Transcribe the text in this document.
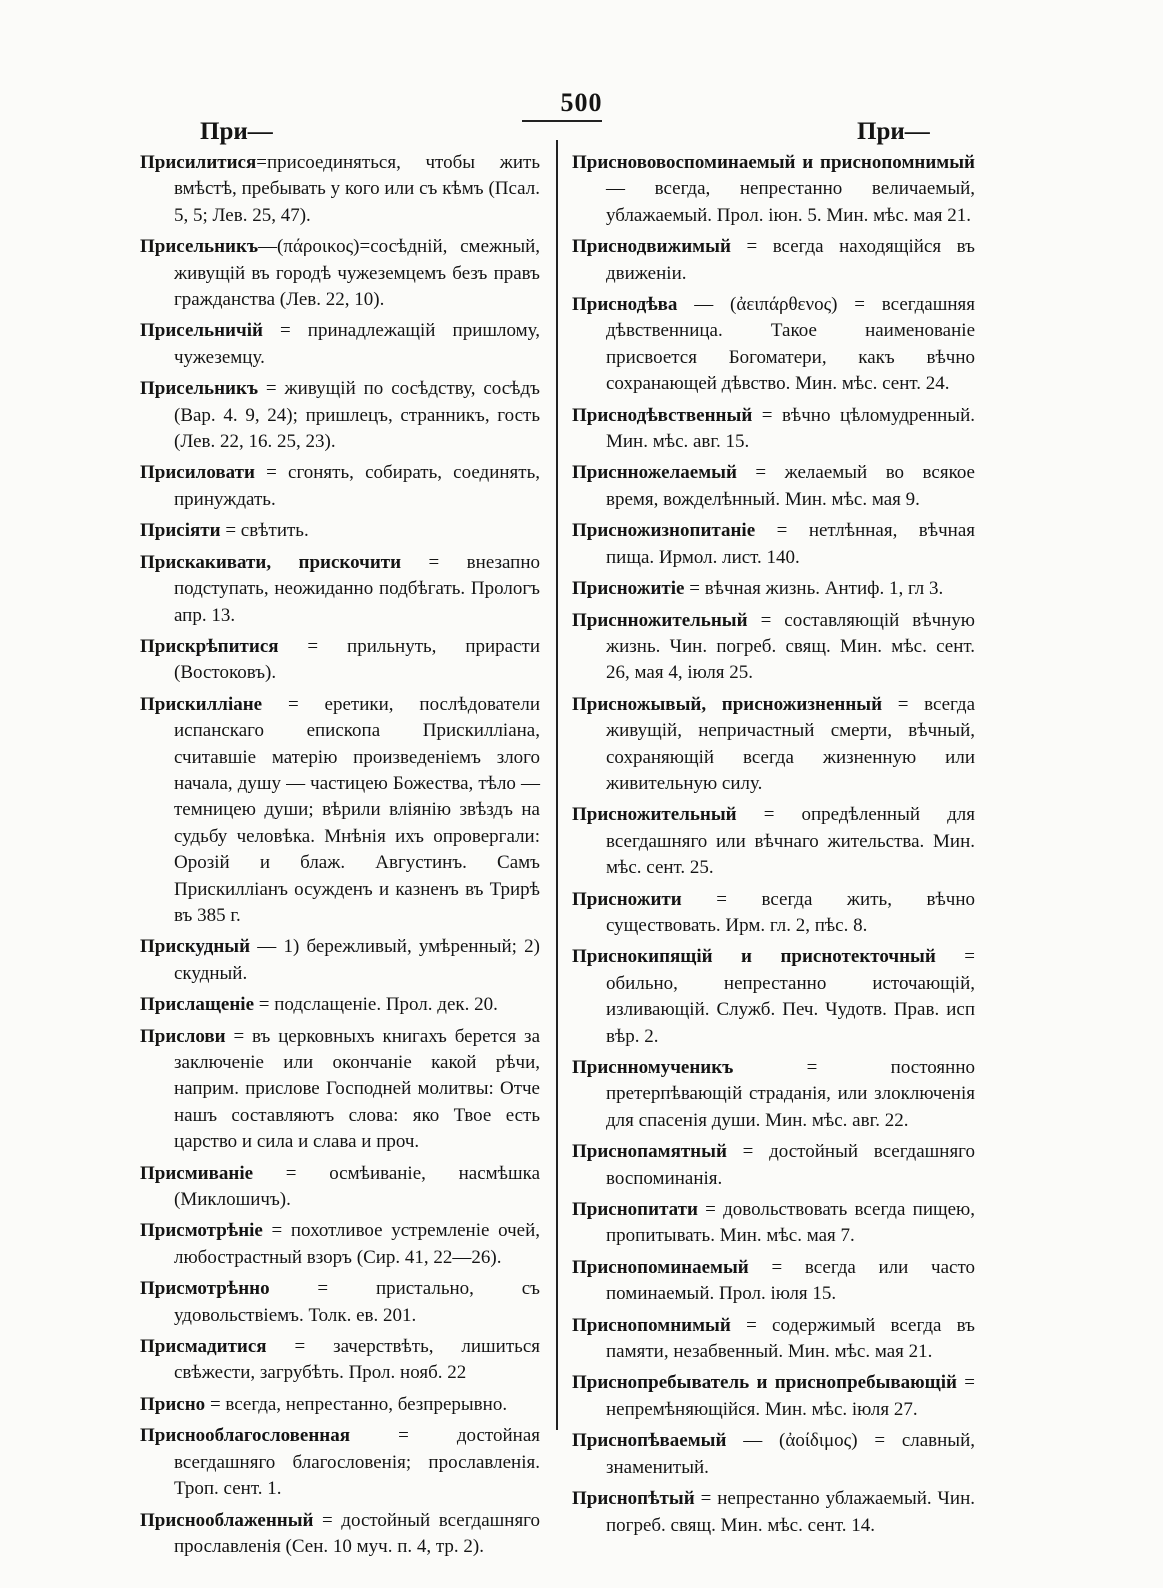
500
При—	При—

Присилитися=присоединяться, чтобы жить вмѣстѣ, пребывать у кого или съ кѣмъ (Псал. 5, 5; Лев. 25, 47).

Присельникъ—(πάροικος)=сосѣдній, смежный, живущій въ городѣ чужеземцемъ безъ правъ гражданства (Лев. 22, 10).

Присельничій = принадлежащій пришлому, чужеземцу.

Присельникъ = живущій по сосѣдству, сосѣдъ (Вар. 4. 9, 24); пришлецъ, странникъ, гость (Лев. 22, 16. 25, 23).

Присиловати = сгонять, собирать, соединять, принуждать.

Присіяти = свѣтить.

Прискакивати, прискочити = внезапно подступать, неожиданно подбѣгать. Прологъ апр. 13.

Прискрѣпитися = прильнуть, прирасти (Востоковъ).

Прискилліане = еретики, послѣдователи испанскаго епископа Прискилліана, считавшіе матерію произведеніемъ злого начала, душу — частицею Божества, тѣло — темницею души; вѣрили вліянію звѣздъ на судьбу человѣка. Мнѣнія ихъ опровергали: Орозій и блаж. Августинъ. Самъ Прискилліанъ осужденъ и казненъ въ Трирѣ въ 385 г.

Прискудный — 1) бережливый, умѣренный; 2) скудный.

Прислащеніе = подслащеніе. Прол. дек. 20.

Прислови = въ церковныхъ книгахъ берется за заключеніе или окончаніе какой рѣчи, наприм. прислове Господней молитвы: Отче нашъ составляютъ слова: яко Твое есть царство и сила и слава и проч.

Присмиваніе = осмѣиваніе, насмѣшка (Миклошичъ).

Присмотрѣніе = похотливое устремленіе очей, любострастный взоръ (Сир. 41, 22—26).

Присмотрѣнно = пристально, съ удовольствіемъ. Толк. ев. 201.

Присмадитися = зачерствѣть, лишиться свѣжести, загрубѣть. Прол. нояб. 22

Присно = всегда, непрестанно, безпрерывно.

Приснооблагословенная = достойная всегдашняго благословенія; прославленія. Троп. сент. 1.

Приснооблаженный = достойный всегдашняго прославленія (Сен. 10 муч. п. 4, тр. 2).

Приснововоспоминаемый и приснопомнимый — всегда, непрестанно величаемый, ублажаемый. Прол. іюн. 5. Мин. мѣс. мая 21.

Приснодвижимый = всегда находящійся въ движеніи.

Приснодѣва — (ἀειπάρθενος) = всегдашняя дѣвственница. Такое наименованіе присвоется Богоматери, какъ вѣчно сохранающей дѣвство. Мин. мѣс. сент. 24.

Приснодѣвственный = вѣчно цѣломудренный. Мин. мѣс. авг. 15.

Приснножелаемый = желаемый во всякое время, вожделѣнный. Мин. мѣс. мая 9.

Присножизнопитаніе = нетлѣнная, вѣчная пища. Ирмол. лист. 140.

Присножитіе = вѣчная жизнь. Антиф. 1, гл 3.

Приснножительный = составляющій вѣчную жизнь. Чин. погреб. свящ. Мин. мѣс. сент. 26, мая 4, іюля 25.

Присножывый, присножизненный = всегда живущій, непричастный смерти, вѣчный, сохраняющій всегда жизненную или живительную силу.

Присножительный = опредѣленный для всегдашняго или вѣчнаго жительства. Мин. мѣс. сент. 25.

Присножити = всегда жить, вѣчно существовать. Ирм. гл. 2, пѣс. 8.

Приснокипящій и приснотекточный = обильно, непрестанно источающій, изливающій. Служб. Печ. Чудотв. Прав. исп вѣр. 2.

Приснномученикъ = постоянно претерпѣвающій страданія, или злоключенія для спасенія души. Мин. мѣс. авг. 22.

Приснопамятный = достойный всегдашняго воспоминанія.

Приснопитати = довольствовать всегда пищею, пропитывать. Мин. мѣс. мая 7.

Приснопоминаемый = всегда или часто поминаемый. Прол. іюля 15.

Приснопомнимый = содержимый всегда въ памяти, незабвенный. Мин. мѣс. мая 21.

Приснопребыватель и приснопребывающій = непремѣняющійся. Мин. мѣс. іюля 27.

Приснопѣваемый — (ἀοίδιμος) = славный, знаменитый.

Приснопѣтый = непрестанно ублажаемый. Чин. погреб. свящ. Мин. мѣс. сент. 14.
